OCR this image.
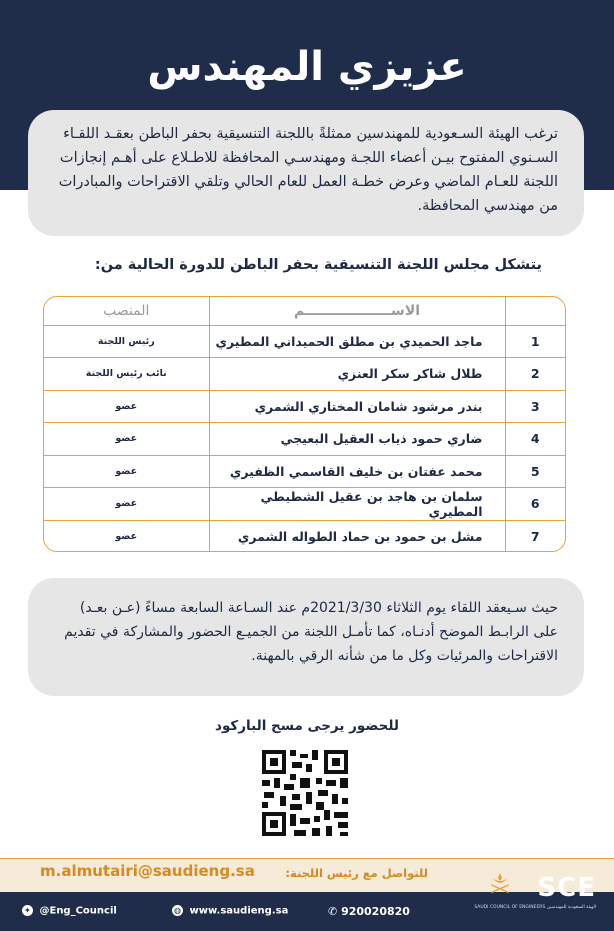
عزيزي المهندس

ترغب الهيئة السـعودية للمهندسين ممثلةً باللجنة التنسيقية بحفر الباطن بعقـد اللقـاء السـنوي المفتوح بيـن أعضاء اللجـة ومهندسـي المحافظة للاطـلاع على أهـم إنجازات اللجنة للعـام الماضي وعرض خطـة العمل للعام الحالي وتلقي الاقتراحات والمبادرات من مهندسي المحافظة.

يتشكل مجلس اللجنة التنسيقية بحفر الباطن للدورة الحالية من:
	الاسـ‍ـــــــــــــــــم	المنصب
1	ماجد الحميدي بن مطلق الحميداني المطيري	رئيس اللجنة
2	طلال شاكر سكر العنزي	نائب رئيس اللجنة
3	بندر مرشود شامان المختاري الشمري	عضو
4	ضاري حمود ذياب العقيل البعيجي	عضو
5	محمد عفتان بن خليف القاسمي الظفيري	عضو
6	سلمان بن هاجد بن عقيل الشطيطي المطيري	عضو
7	مشل بن حمود بن حماد الطواله الشمري	عضو

حيث سـيعقد اللقاء يوم الثلاثاء 2021/3/30م عند السـاعة السابعة مساءً (عـن بعـد) على الرابـط الموضح أدنـاه، كما تأمـل اللجنة من الجميـع الحضور والمشاركة في تقديم الاقتراحات والمرئيات وكل ما من شأنه الرقي بالمهنة.

للحضور يرجى مسح الباركود
للتواصل مع رئيس اللجنة:
m.almutairi@saudieng.sa
✦ @Eng_Council	◍ www.saudieng.sa	✆ 920020820
SCE
الهيئة السعودية للمهندسين SAUDI COUNCIL OF ENGINEERS
